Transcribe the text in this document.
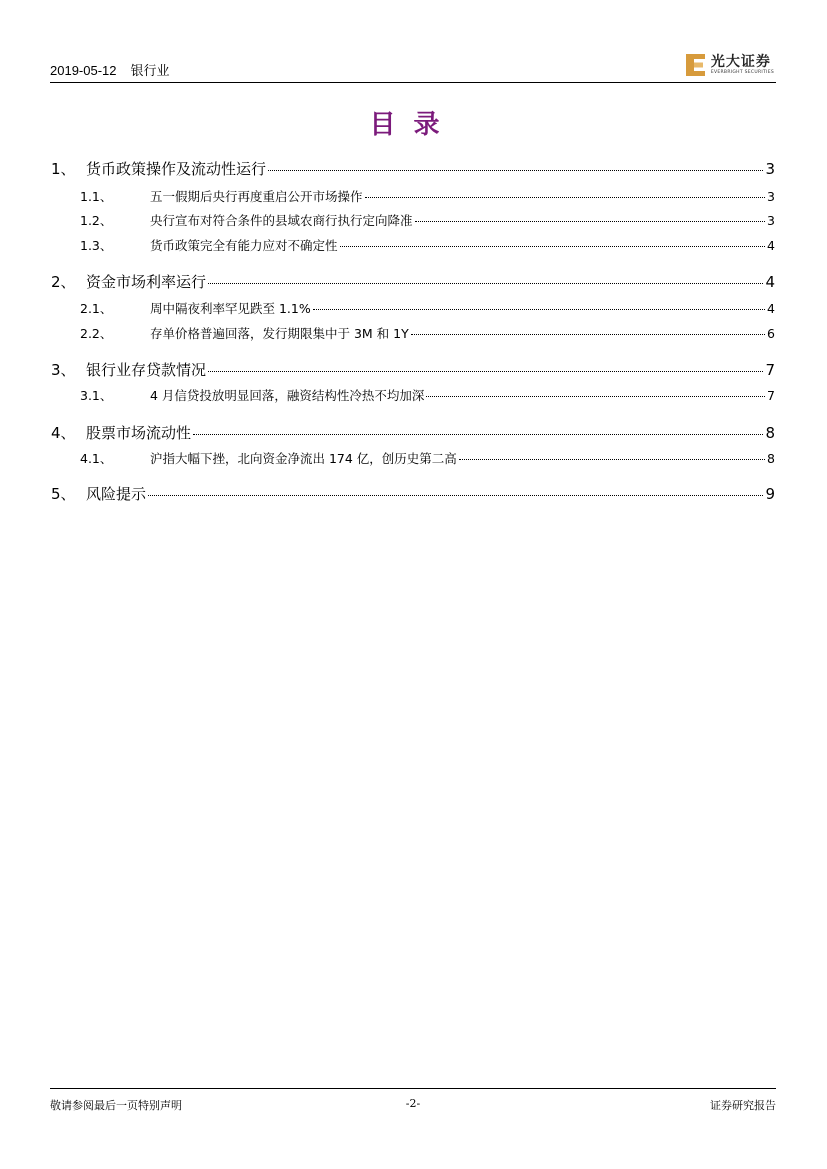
2019-05-12 银行业
光大证券
EVERBRIGHT SECURITIES
目录
1、 货币政策操作及流动性运行	3
1.1、	五一假期后央行再度重启公开市场操作	3
1.2、	央行宣布对符合条件的县域农商行执行定向降准	3
1.3、	货币政策完全有能力应对不确定性	4
2、 资金市场利率运行	4
2.1、	周中隔夜利率罕见跌至 1.1%	4
2.2、	存单价格普遍回落，发行期限集中于 3M 和 1Y	6
3、 银行业存贷款情况	7
3.1、	4 月信贷投放明显回落，融资结构性冷热不均加深	7
4、 股票市场流动性	8
4.1、	沪指大幅下挫，北向资金净流出 174 亿，创历史第二高	8
5、 风险提示	9
敬请参阅最后一页特别声明	-2-	证券研究报告
